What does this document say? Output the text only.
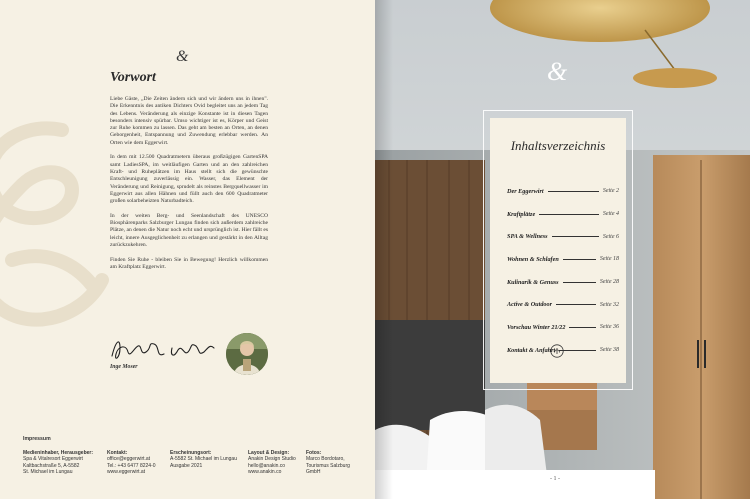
&
Vorwort

Liebe Gäste, „Die Zeiten ändern sich und wir ändern uns in ihnen". Die Erkenntnis des antiken Dichters Ovid begleitet uns an jedem Tag des Lebens. Veränderung als einzige Konstante ist in diesen Tagen besonders intensiv spürbar. Umso wichtiger ist es, Körper und Geist zur Ruhe kommen zu lassen. Das geht am besten an Orten, an denen Geborgenheit, Entspannung und Zuwendung erlebbar werden. An Orten wie dem Eggerwirt.

In dem mit 12.500 Quadratmetern überaus großzügigen GartenSPA samt LadiesSPA, im weitläufigen Garten und an den zahlreichen Kraft- und Ruheplätzen im Haus stellt sich die gewünschte Entschleunigung zuverlässig ein. Wasser, das Element der Veränderung und Reinigung, sprudelt als reinstes Bergquellwasser im Eggerwirt aus allen Hähnen und füllt auch den 600 Quadratmeter großen solarbeheizten Naturbadteich.

In der weiten Berg- und Seenlandschaft des UNESCO Biosphärenparks Salzburger Lungau finden sich außerdem zahlreiche Plätze, an denen die Natur noch echt und ursprünglich ist. Hier fällt es leicht, innere Ausgeglichenheit zu erlangen und gestärkt in den Alltag zurückzukehren.

Finden Sie Ruhe - bleiben Sie in Bewegung! Herzlich willkommen am Kraftplatz Eggerwirt.

Inge Moser
Impressum
Medieninhaber, Herausgeber:
Spa & Vitalresort Eggerwirt
Kaltbachstraße 5, A-5582
St. Michael im Lungau
Kontakt:
office@eggerwirt.at
Tel.: +43 6477 8224-0
www.eggerwirt.at
Erscheinungsort:
A-5582 St. Michael im Lungau
Ausgabe 2021
Layout & Design:
Anakin Design Studio
hello@anakin.co
www.anakin.co
Fotos:
Marco Bordotaro,
Tourismus Salzburg
GmbH
&
Inhaltsverzeichnis
Der Eggerwirt	Seite 2
Kraftplätze	Seite 4
SPA & Wellness	Seite 6
Wohnen & Schlafen	Seite 18
Kulinarik & Genuss	Seite 28
Active & Outdoor	Seite 32
Vorschau Winter 21/22	Seite 36
Kontakt & Anfahrt	Seite 38
- 1 -
